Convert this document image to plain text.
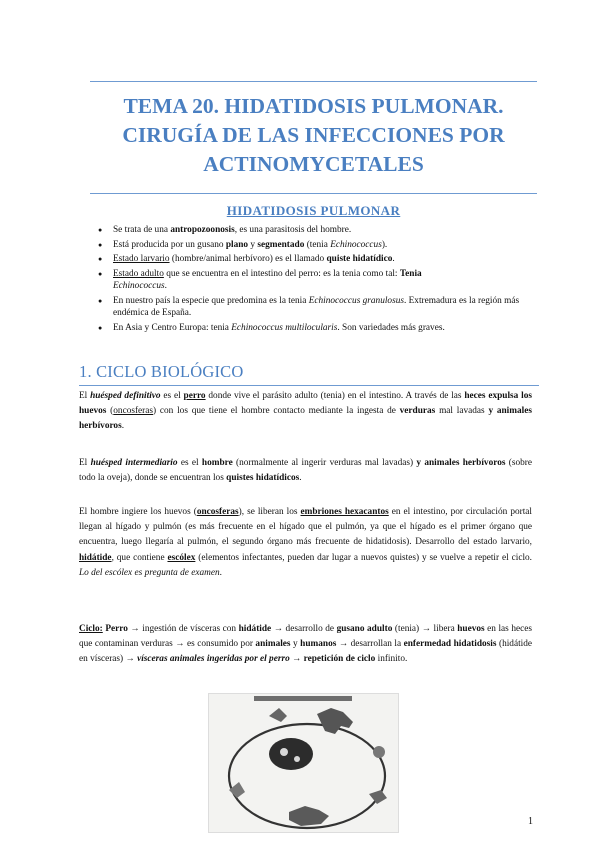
TEMA 20. HIDATIDOSIS PULMONAR.
CIRUGÍA DE LAS INFECCIONES POR
ACTINOMYCETALES
HIDATIDOSIS PULMONAR
● Se trata de una antropozoonosis, es una parasitosis del hombre.
● Está producida por un gusano plano y segmentado (tenia Echinococcus).
● Estado larvario (hombre/animal herbívoro) es el llamado quiste hidatídico.
● Estado adulto que se encuentra en el intestino del perro: es la tenia como tal: Tenia
Echinococcus.
● En nuestro país la especie que predomina es la tenia Echinococcus granulosus. Extremadura es la región más endémica de España.
● En Asia y Centro Europa: tenia Echinococcus multilocularis. Son variedades más graves.
1. CICLO BIOLÓGICO

El huésped definitivo es el perro donde vive el parásito adulto (tenia) en el intestino. A través de las heces expulsa los huevos (oncosferas) con los que tiene el hombre contacto mediante la ingesta de verduras mal lavadas y animales herbívoros.

El huésped intermediario es el hombre (normalmente al ingerir verduras mal lavadas) y animales herbívoros (sobre todo la oveja), donde se encuentran los quistes hidatídicos.

El hombre ingiere los huevos (oncosferas), se liberan los embriones hexacantos en el intestino, por circulación portal llegan al hígado y pulmón (es más frecuente en el hígado que el pulmón, ya que el hígado es el primer órgano que encuentra, luego llegaría al pulmón, el segundo órgano más frecuente de hidatidosis). Desarrollo del estado larvario, hidátide, que contiene escólex (elementos infectantes, pueden dar lugar a nuevos quistes) y se vuelve a repetir el ciclo. Lo del escólex es pregunta de examen.

Ciclo: Perro → ingestión de vísceras con hidátide → desarrollo de gusano adulto (tenia) → libera huevos en las heces que contaminan verduras → es consumido por animales y humanos → desarrollan la enfermedad hidatidosis (hidátide en vísceras) → vísceras animales ingeridas por el perro → repetición de ciclo infinito.

1
